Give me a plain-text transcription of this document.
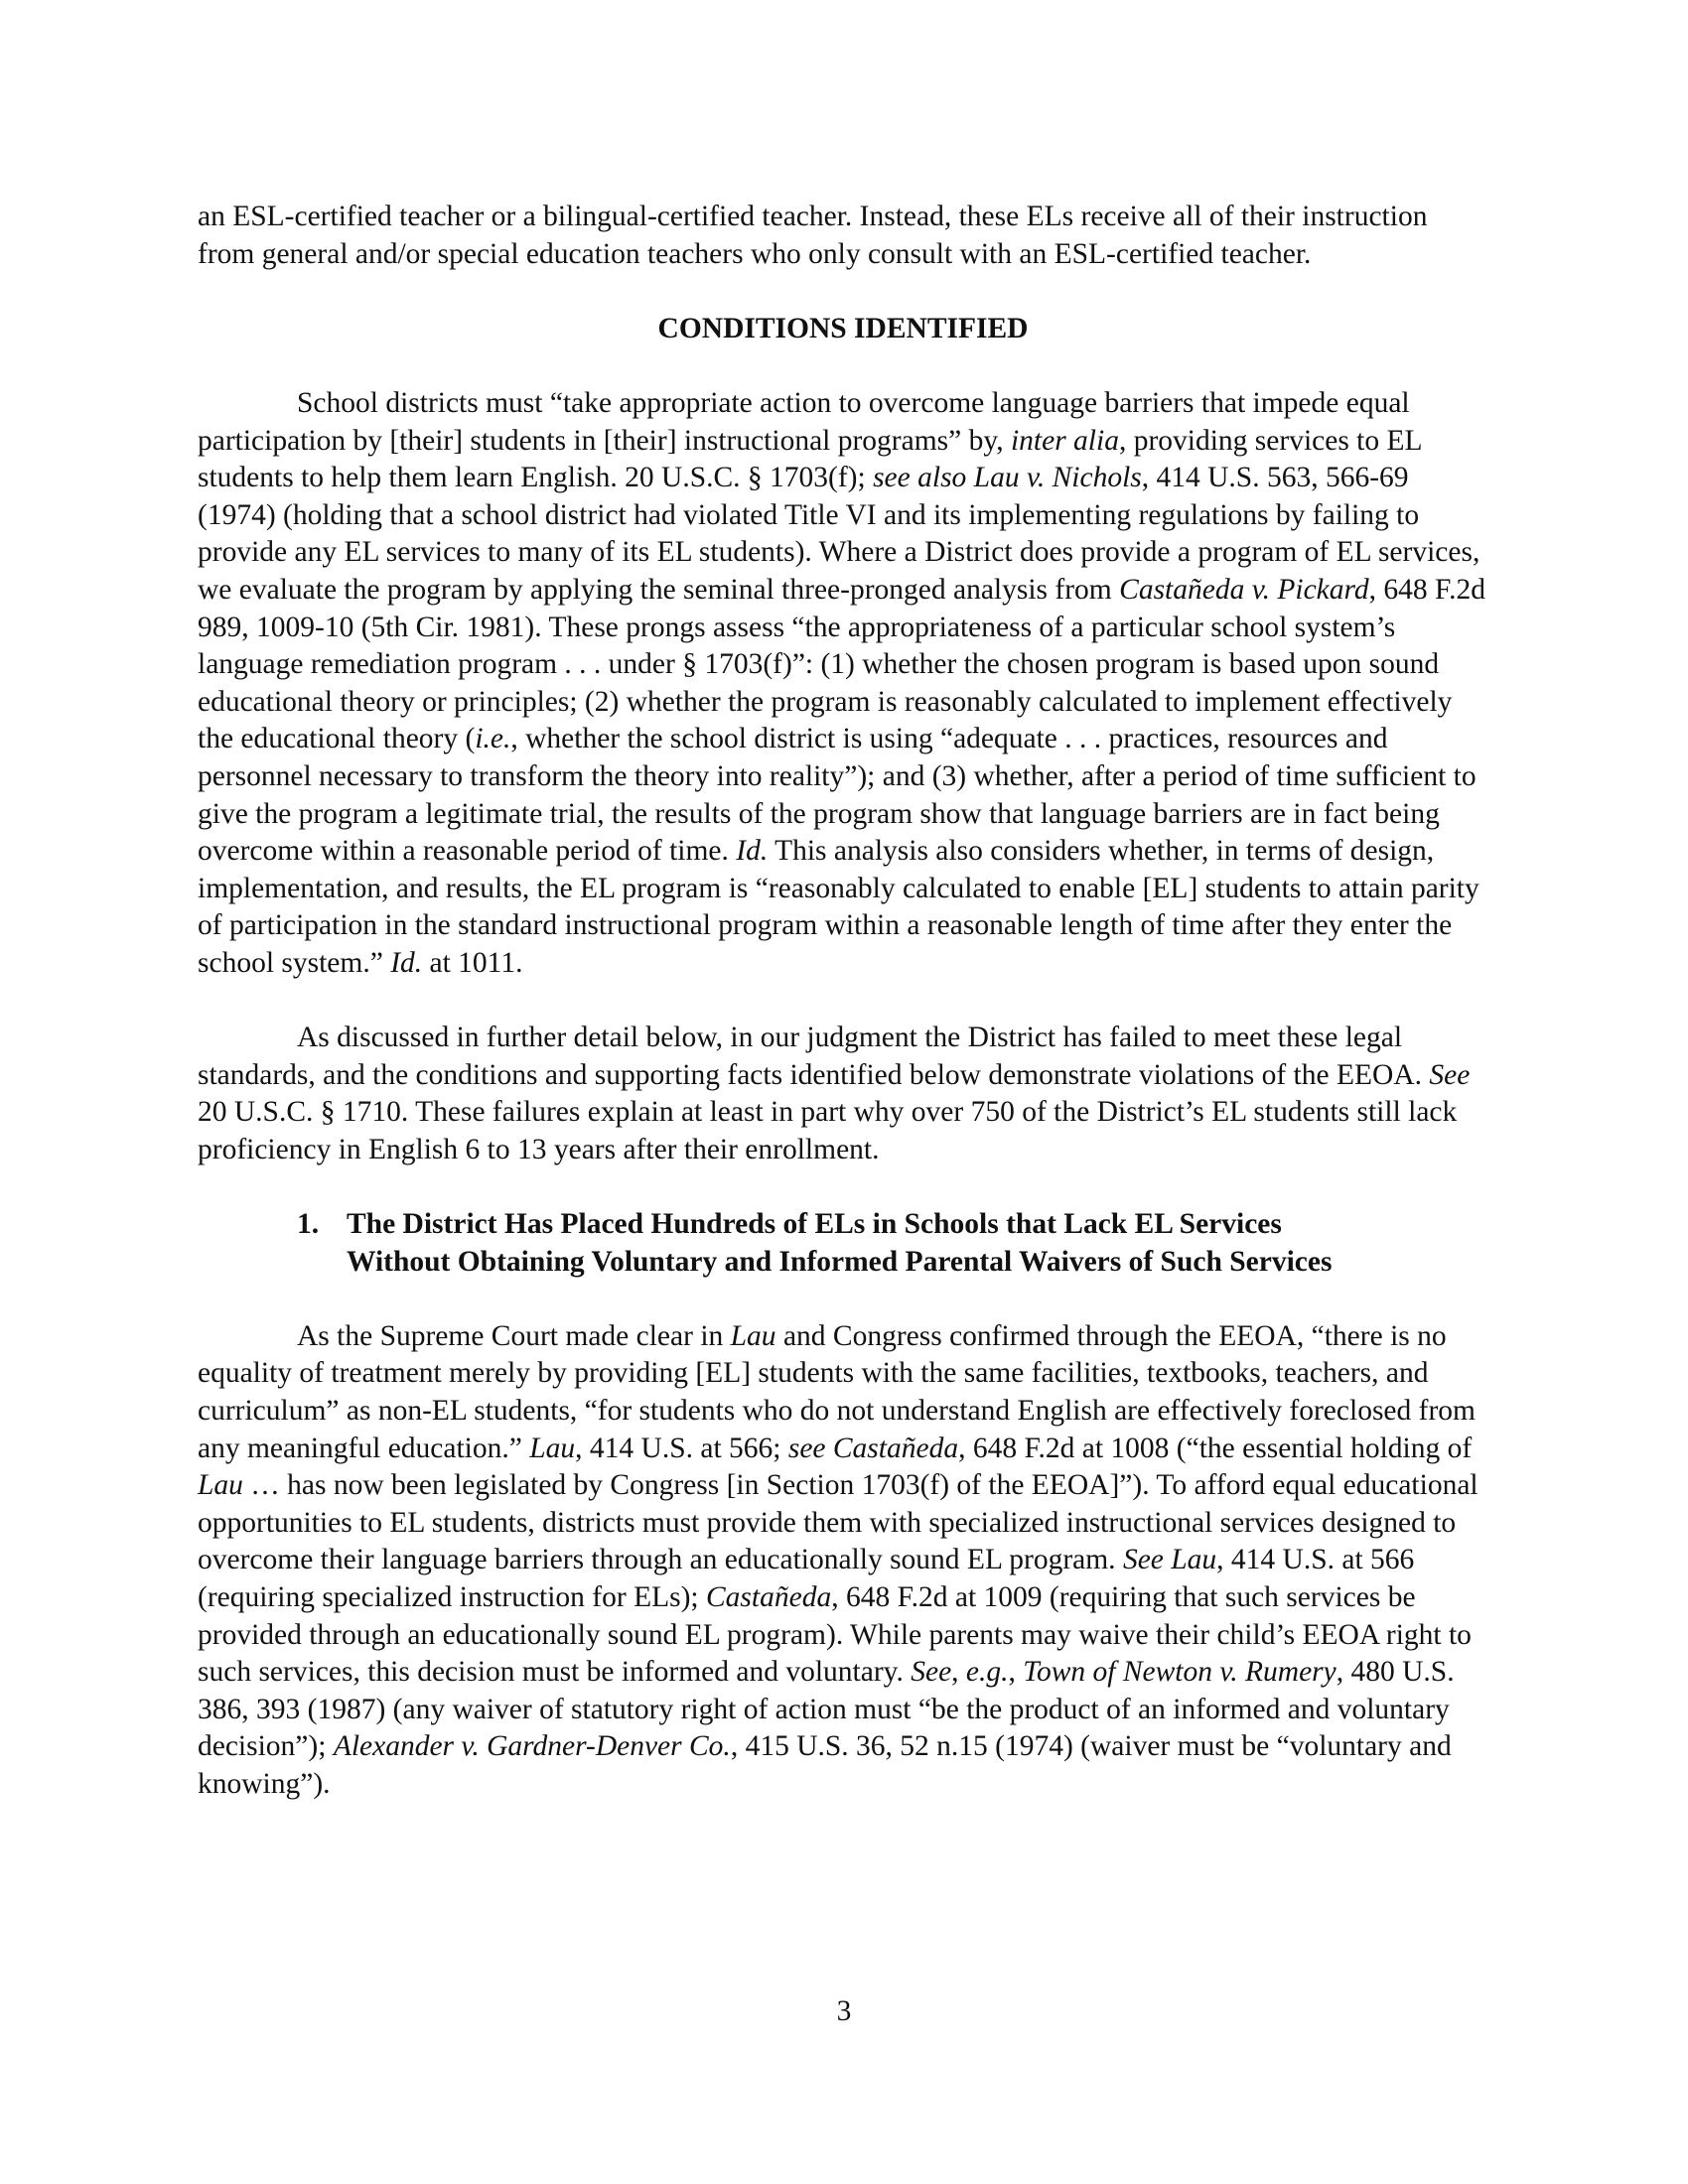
an ESL-certified teacher or a bilingual-certified teacher. Instead, these ELs receive all of their instruction from general and/or special education teachers who only consult with an ESL-certified teacher.

CONDITIONS IDENTIFIED

School districts must “take appropriate action to overcome language barriers that impede equal participation by [their] students in [their] instructional programs” by, inter alia, providing services to EL students to help them learn English. 20 U.S.C. § 1703(f); see also Lau v. Nichols, 414 U.S. 563, 566-69 (1974) (holding that a school district had violated Title VI and its implementing regulations by failing to provide any EL services to many of its EL students). Where a District does provide a program of EL services, we evaluate the program by applying the seminal three-pronged analysis from Castañeda v. Pickard, 648 F.2d 989, 1009-10 (5th Cir. 1981). These prongs assess “the appropriateness of a particular school system’s language remediation program . . . under § 1703(f)”: (1) whether the chosen program is based upon sound educational theory or principles; (2) whether the program is reasonably calculated to implement effectively the educational theory (i.e., whether the school district is using “adequate . . . practices, resources and personnel necessary to transform the theory into reality”); and (3) whether, after a period of time sufficient to give the program a legitimate trial, the results of the program show that language barriers are in fact being overcome within a reasonable period of time. Id. This analysis also considers whether, in terms of design, implementation, and results, the EL program is “reasonably calculated to enable [EL] students to attain parity of participation in the standard instructional program within a reasonable length of time after they enter the school system.” Id. at 1011.

As discussed in further detail below, in our judgment the District has failed to meet these legal standards, and the conditions and supporting facts identified below demonstrate violations of the EEOA. See 20 U.S.C. § 1710. These failures explain at least in part why over 750 of the District’s EL students still lack proficiency in English 6 to 13 years after their enrollment.

1. The District Has Placed Hundreds of ELs in Schools that Lack EL Services
Without Obtaining Voluntary and Informed Parental Waivers of Such Services

As the Supreme Court made clear in Lau and Congress confirmed through the EEOA, “there is no equality of treatment merely by providing [EL] students with the same facilities, textbooks, teachers, and curriculum” as non-EL students, “for students who do not understand English are effectively foreclosed from any meaningful education.” Lau, 414 U.S. at 566; see Castañeda, 648 F.2d at 1008 (“the essential holding of Lau … has now been legislated by Congress [in Section 1703(f) of the EEOA]”). To afford equal educational opportunities to EL students, districts must provide them with specialized instructional services designed to overcome their language barriers through an educationally sound EL program. See Lau, 414 U.S. at 566 (requiring specialized instruction for ELs); Castañeda, 648 F.2d at 1009 (requiring that such services be provided through an educationally sound EL program). While parents may waive their child’s EEOA right to such services, this decision must be informed and voluntary. See, e.g., Town of Newton v. Rumery, 480 U.S. 386, 393 (1987) (any waiver of statutory right of action must “be the product of an informed and voluntary decision”); Alexander v. Gardner-Denver Co., 415 U.S. 36, 52 n.15 (1974) (waiver must be “voluntary and knowing”).

3
